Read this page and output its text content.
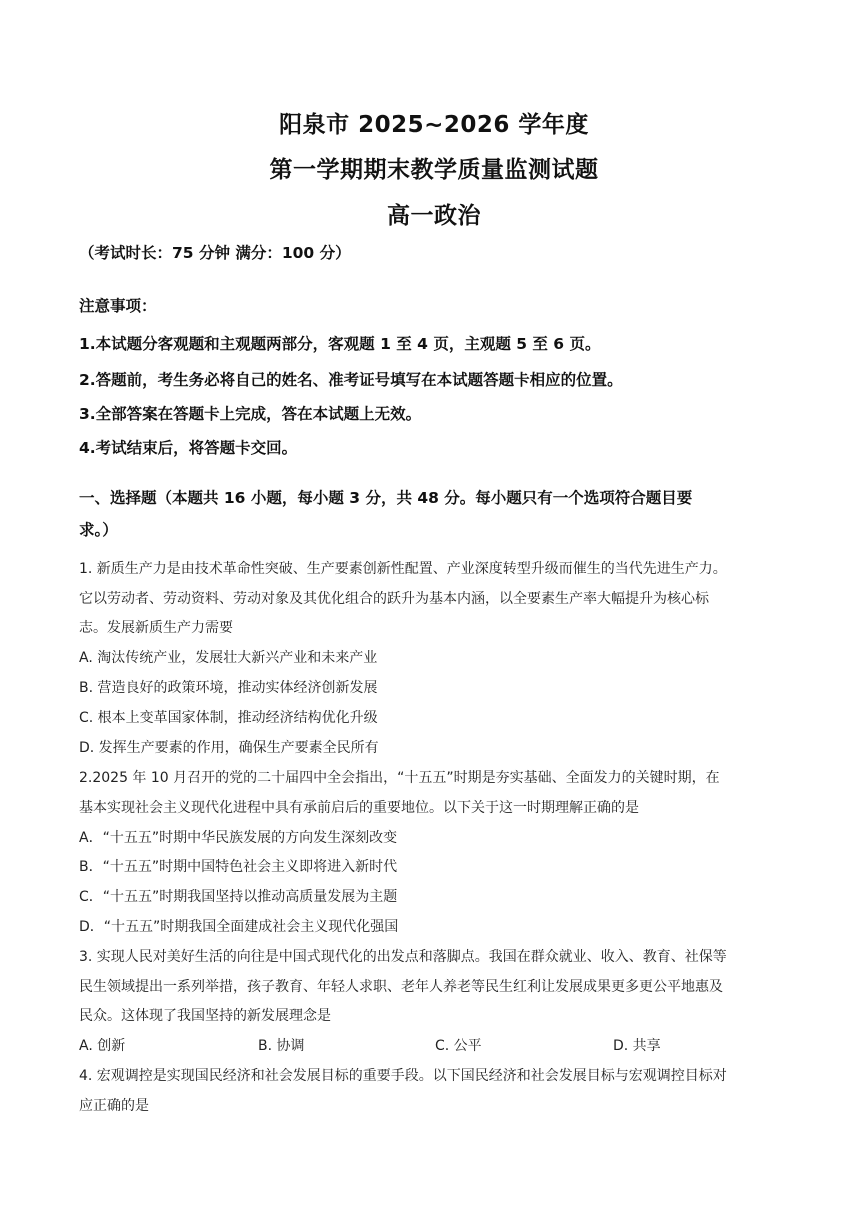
阳泉市 2025~2026 学年度
第一学期期末教学质量监测试题
高一政治
（考试时长：75 分钟 满分：100 分）
注意事项：
1.本试题分客观题和主观题两部分，客观题 1 至 4 页，主观题 5 至 6 页。
2.答题前，考生务必将自己的姓名、准考证号填写在本试题答题卡相应的位置。
3.全部答案在答题卡上完成，答在本试题上无效。
4.考试结束后，将答题卡交回。
一、选择题（本题共 16 小题，每小题 3 分，共 48 分。每小题只有一个选项符合题目要
求。）
1. 新质生产力是由技术革命性突破、生产要素创新性配置、产业深度转型升级而催生的当代先进生产力。
它以劳动者、劳动资料、劳动对象及其优化组合的跃升为基本内涵，以全要素生产率大幅提升为核心标
志。发展新质生产力需要
A. 淘汰传统产业，发展壮大新兴产业和未来产业
B. 营造良好的政策环境，推动实体经济创新发展
C. 根本上变革国家体制，推动经济结构优化升级
D. 发挥生产要素的作用，确保生产要素全民所有
2.2025 年 10 月召开的党的二十届四中全会指出，“十五五”时期是夯实基础、全面发力的关键时期，在
基本实现社会主义现代化进程中具有承前启后的重要地位。以下关于这一时期理解正确的是
A．“十五五”时期中华民族发展的方向发生深刻改变
B．“十五五”时期中国特色社会主义即将进入新时代
C．“十五五”时期我国坚持以推动高质量发展为主题
D．“十五五”时期我国全面建成社会主义现代化强国
3. 实现人民对美好生活的向往是中国式现代化的出发点和落脚点。我国在群众就业、收入、教育、社保等
民生领域提出一系列举措，孩子教育、年轻人求职、老年人养老等民生红利让发展成果更多更公平地惠及
民众。这体现了我国坚持的新发展理念是
A. 创新	B. 协调	C. 公平	D. 共享
4. 宏观调控是实现国民经济和社会发展目标的重要手段。以下国民经济和社会发展目标与宏观调控目标对
应正确的是
